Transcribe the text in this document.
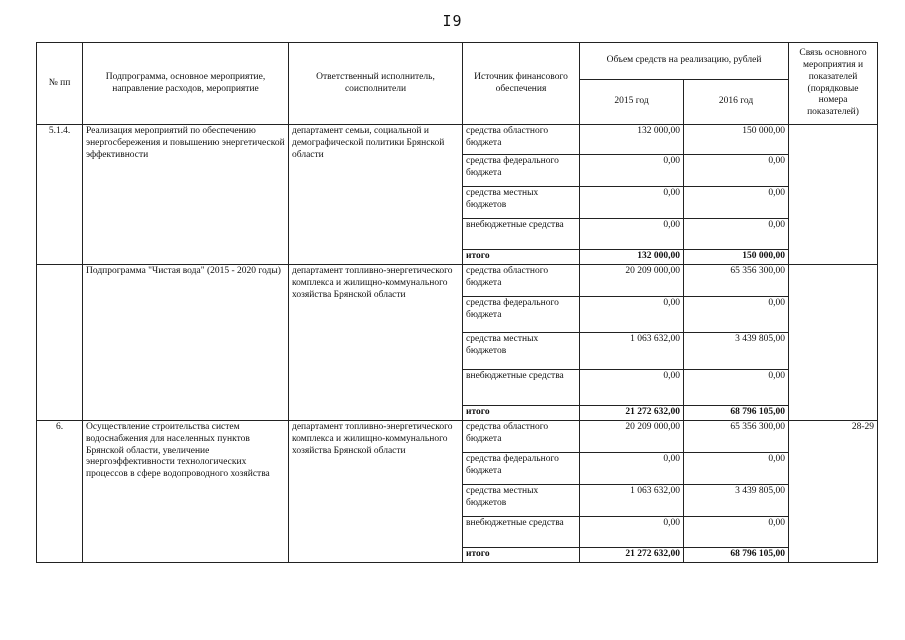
I9
№ пп	Подпрограмма, основное мероприятие, направление расходов, мероприятие	Ответственный исполнитель, соисполнители	Источник финансового обеспечения	Объем средств на реализацию, рублей		Связь основного мероприятия и показателей (порядковые номера показателей)
				2015 год	2016 год	
5.1.4.	Реализация мероприятий по обеспечению энергосбережения и повышению энергетической эффективности	департамент семьи, социальной и демографической политики Брянской области	средства областного бюджета	132 000,00	150 000,00	
			средства федерального бюджета	0,00	0,00	
			средства местных бюджетов	0,00	0,00	
			внебюджетные средства	0,00	0,00	
			итого	132 000,00	150 000,00	
	Подпрограмма "Чистая вода" (2015 - 2020 годы)	департамент топливно-энергетического комплекса и жилищно-коммунального хозяйства Брянской области	средства областного бюджета	20 209 000,00	65 356 300,00	
			средства федерального бюджета	0,00	0,00	
			средства местных бюджетов	1 063 632,00	3 439 805,00	
			внебюджетные средства	0,00	0,00	
			итого	21 272 632,00	68 796 105,00	
6.	Осуществление строительства систем водоснабжения для населенных пунктов Брянской области, увеличение энергоэффективности технологических процессов в сфере водопроводного хозяйства	департамент топливно-энергетического комплекса и жилищно-коммунального хозяйства Брянской области	средства областного бюджета	20 209 000,00	65 356 300,00	28-29
			средства федерального бюджета	0,00	0,00	
			средства местных бюджетов	1 063 632,00	3 439 805,00	
			внебюджетные средства	0,00	0,00	
			итого	21 272 632,00	68 796 105,00	
